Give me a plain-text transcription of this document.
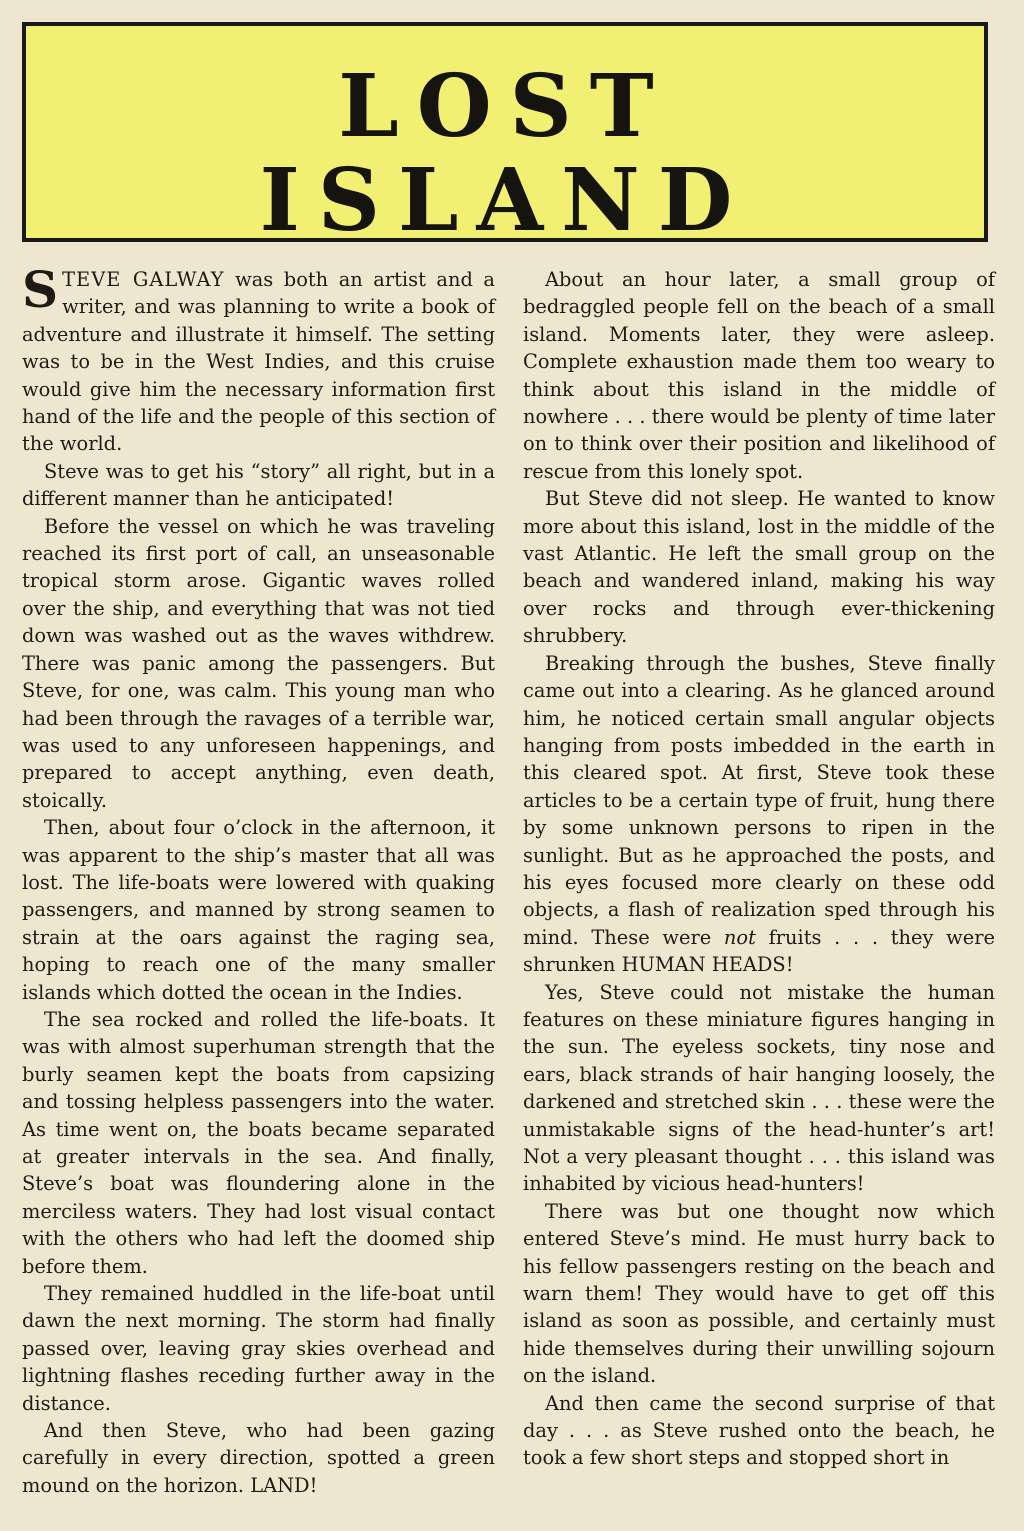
LOST
ISLAND

STEVE GALWAY was both an artist and a writer, and was planning to write a book of adventure and illustrate it himself. The setting was to be in the West Indies, and this cruise would give him the necessary information first hand of the life and the people of this section of the world.

Steve was to get his “story” all right, but in a different manner than he anticipated!

Before the vessel on which he was traveling reached its first port of call, an unseasonable tropical storm arose. Gigantic waves rolled over the ship, and everything that was not tied down was washed out as the waves withdrew. There was panic among the passengers. But Steve, for one, was calm. This young man who had been through the ravages of a terrible war, was used to any unforeseen happenings, and prepared to accept anything, even death, stoically.

Then, about four o’clock in the afternoon, it was apparent to the ship’s master that all was lost. The life-boats were lowered with quaking passengers, and manned by strong seamen to strain at the oars against the raging sea, hoping to reach one of the many smaller islands which dotted the ocean in the Indies.

The sea rocked and rolled the life-boats. It was with almost superhuman strength that the burly seamen kept the boats from capsizing and tossing helpless passengers into the water. As time went on, the boats became separated at greater intervals in the sea. And finally, Steve’s boat was floundering alone in the merciless waters. They had lost visual contact with the others who had left the doomed ship before them.

They remained huddled in the life-boat until dawn the next morning. The storm had finally passed over, leaving gray skies overhead and lightning flashes receding further away in the distance.

And then Steve, who had been gazing carefully in every direction, spotted a green mound on the horizon. LAND!

About an hour later, a small group of bedraggled people fell on the beach of a small island. Moments later, they were asleep. Complete exhaustion made them too weary to think about this island in the middle of nowhere . . . there would be plenty of time later on to think over their position and likelihood of rescue from this lonely spot.

But Steve did not sleep. He wanted to know more about this island, lost in the middle of the vast Atlantic. He left the small group on the beach and wandered inland, making his way over rocks and through ever-thickening shrubbery.

Breaking through the bushes, Steve finally came out into a clearing. As he glanced around him, he noticed certain small angular objects hanging from posts imbedded in the earth in this cleared spot. At first, Steve took these articles to be a certain type of fruit, hung there by some unknown persons to ripen in the sunlight. But as he approached the posts, and his eyes focused more clearly on these odd objects, a flash of realization sped through his mind. These were not fruits . . . they were shrunken HUMAN HEADS!

Yes, Steve could not mistake the human features on these miniature figures hanging in the sun. The eyeless sockets, tiny nose and ears, black strands of hair hanging loosely, the darkened and stretched skin . . . these were the unmistakable signs of the head-hunter’s art! Not a very pleasant thought . . . this island was inhabited by vicious head-hunters!

There was but one thought now which entered Steve’s mind. He must hurry back to his fellow passengers resting on the beach and warn them! They would have to get off this island as soon as possible, and certainly must hide themselves during their unwilling sojourn on the island.

And then came the second surprise of that day . . . as Steve rushed onto the beach, he took a few short steps and stopped short in
